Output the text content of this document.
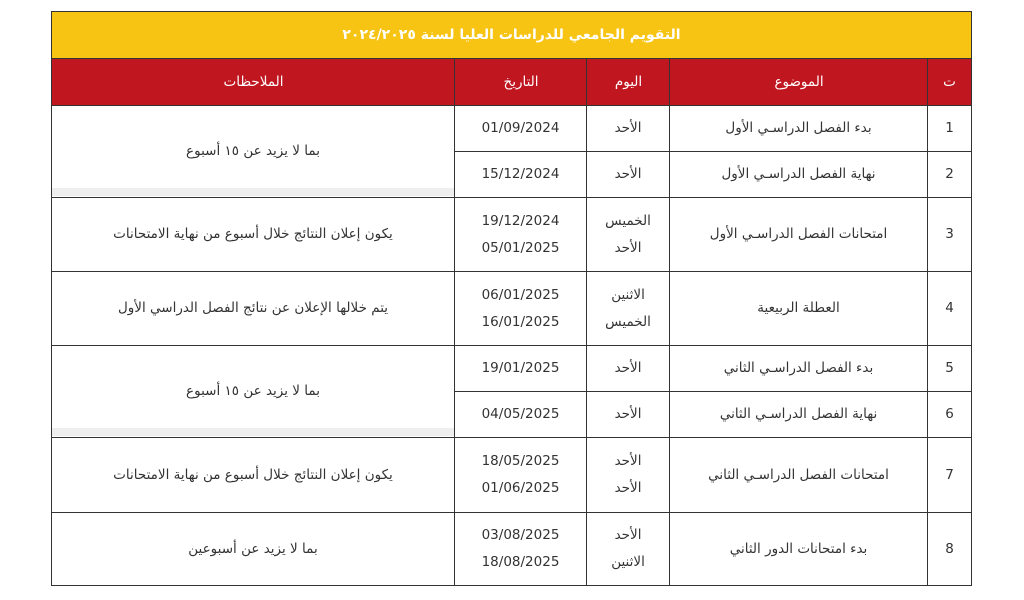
التقويم الجامعي للدراسات العليا لسنة ٢٠٢٤/٢٠٢٥
ت
الموضوع
اليوم
التاريخ
الملاحظات
1
بدء الفصل الدراسـي الأول
الأحد
01/09/2024
2
نهاية الفصل الدراسـي الأول
الأحد
15/12/2024
بما لا يزيد عن ١٥ أسبوع
3
امتحانات الفصل الدراسـي الأول
الخميس
الأحد
19/12/2024
05/01/2025
يكون إعلان النتائج خلال أسبوع من نهاية الامتحانات
4
العطلة الربيعية
الاثنين
الخميس
06/01/2025
16/01/2025
يتم خلالها الإعلان عن نتائج الفصل الدراسي الأول
5
بدء الفصل الدراسـي الثاني
الأحد
19/01/2025
6
نهاية الفصل الدراسـي الثاني
الأحد
04/05/2025
بما لا يزيد عن ١٥ أسبوع
7
امتحانات الفصل الدراسـي الثاني
الأحد
الأحد
18/05/2025
01/06/2025
يكون إعلان النتائج خلال أسبوع من نهاية الامتحانات
8
بدء امتحانات الدور الثاني
الأحد
الاثنين
03/08/2025
18/08/2025
بما لا يزيد عن أسبوعين
